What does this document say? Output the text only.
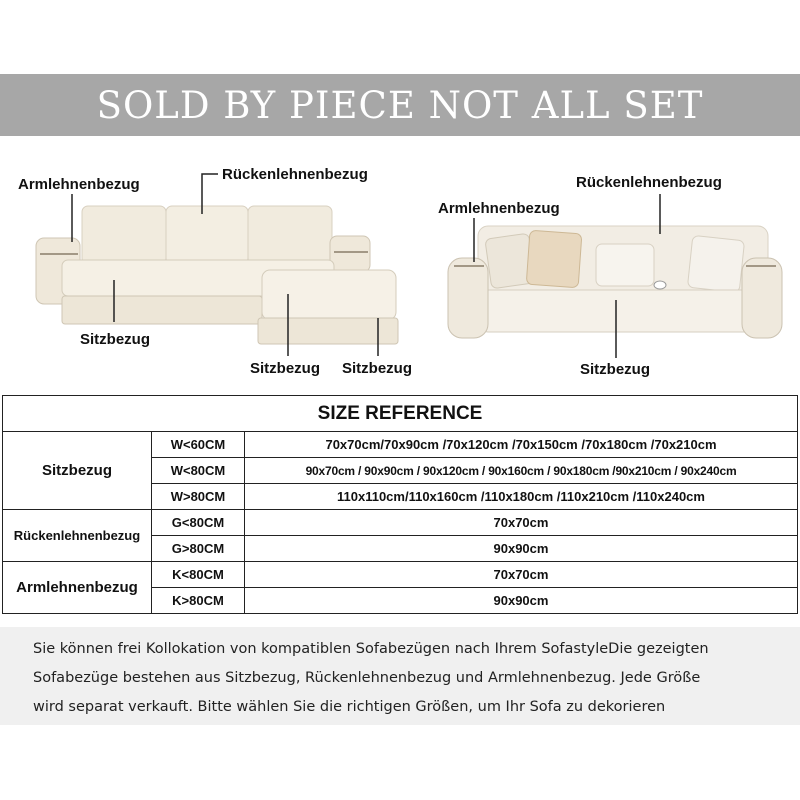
SOLD BY PIECE NOT ALL SET
Armlehnenbezug
Rückenlehnenbezug
Sitzbezug
Sitzbezug Sitzbezug
Rückenlehnenbezug
Armlehnenbezug
Sitzbezug
SIZE REFERENCE		
Sitzbezug	W<60CM	70x70cm/70x90cm /70x120cm /70x150cm /70x180cm /70x210cm
	W<80CM	90x70cm / 90x90cm / 90x120cm / 90x160cm / 90x180cm /90x210cm / 90x240cm
	W>80CM	110x110cm/110x160cm /110x180cm /110x210cm /110x240cm
Rückenlehnenbezug	G<80CM	70x70cm
	G>80CM	90x90cm
Armlehnenbezug	K<80CM	70x70cm
	K>80CM	90x90cm
Sie können frei Kollokation von kompatiblen Sofabezügen nach Ihrem SofastyleDie gezeigten
Sofabezüge bestehen aus Sitzbezug, Rückenlehnenbezug und Armlehnenbezug. Jede Größe
wird separat verkauft. Bitte wählen Sie die richtigen Größen, um Ihr Sofa zu dekorieren
